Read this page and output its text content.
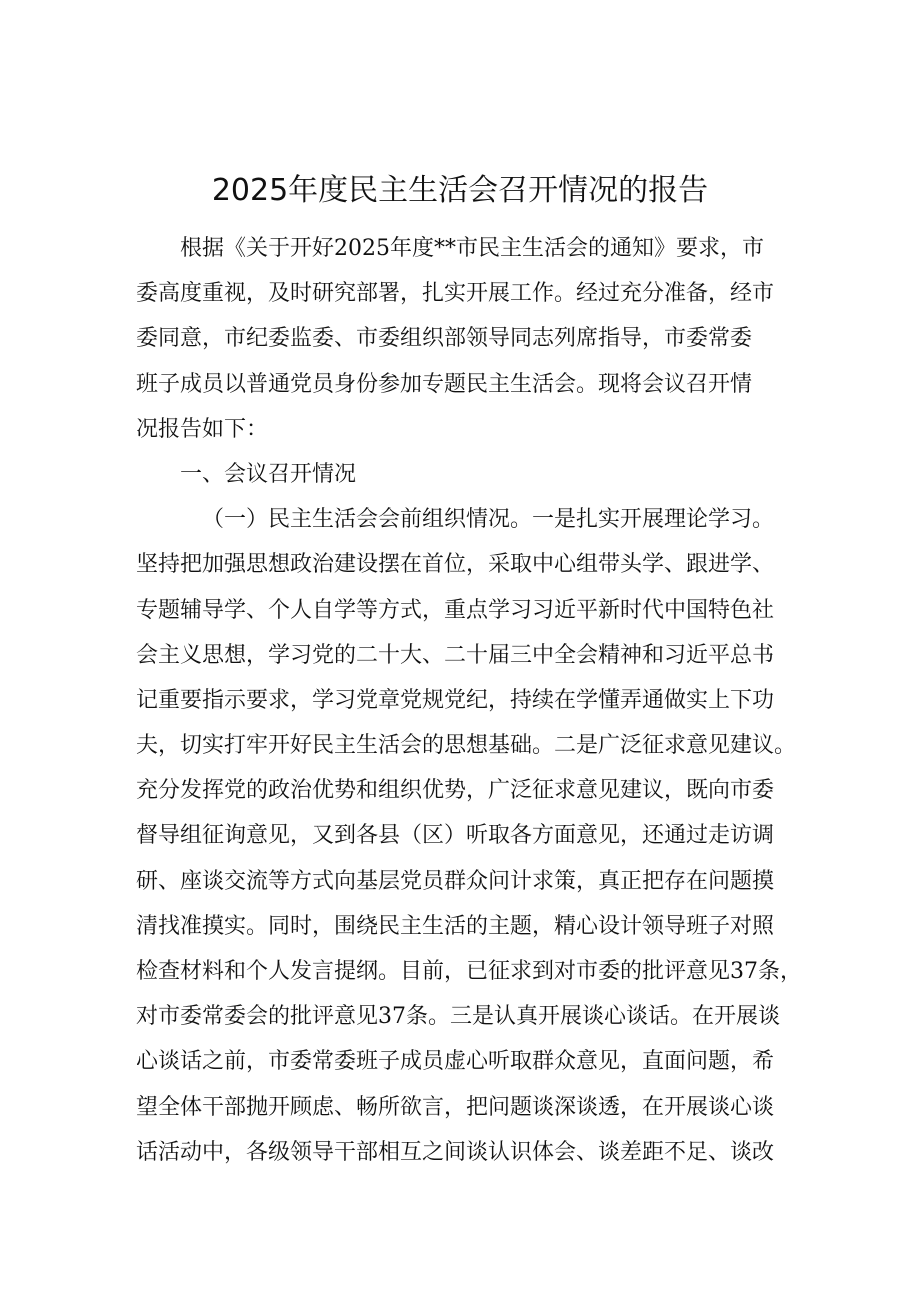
2025年度民主生活会召开情况的报告
根据《关于开好2025年度**市民主生活会的通知》要求，市
委高度重视，及时研究部署，扎实开展工作。经过充分准备，经市
委同意，市纪委监委、市委组织部领导同志列席指导，市委常委
班子成员以普通党员身份参加专题民主生活会。现将会议召开情
况报告如下：
一、会议召开情况
（一）民主生活会会前组织情况。一是扎实开展理论学习。
坚持把加强思想政治建设摆在首位，采取中心组带头学、跟进学、
专题辅导学、个人自学等方式，重点学习习近平新时代中国特色社
会主义思想，学习党的二十大、二十届三中全会精神和习近平总书
记重要指示要求，学习党章党规党纪，持续在学懂弄通做实上下功
夫，切实打牢开好民主生活会的思想基础。二是广泛征求意见建议。
充分发挥党的政治优势和组织优势，广泛征求意见建议，既向市委
督导组征询意见，又到各县（区）听取各方面意见，还通过走访调
研、座谈交流等方式向基层党员群众问计求策，真正把存在问题摸
清找准摸实。同时，围绕民主生活的主题，精心设计领导班子对照
检查材料和个人发言提纲。目前，已征求到对市委的批评意见37条，
对市委常委会的批评意见37条。三是认真开展谈心谈话。在开展谈
心谈话之前，市委常委班子成员虚心听取群众意见，直面问题，希
望全体干部抛开顾虑、畅所欲言，把问题谈深谈透，在开展谈心谈
话活动中，各级领导干部相互之间谈认识体会、谈差距不足、谈改
